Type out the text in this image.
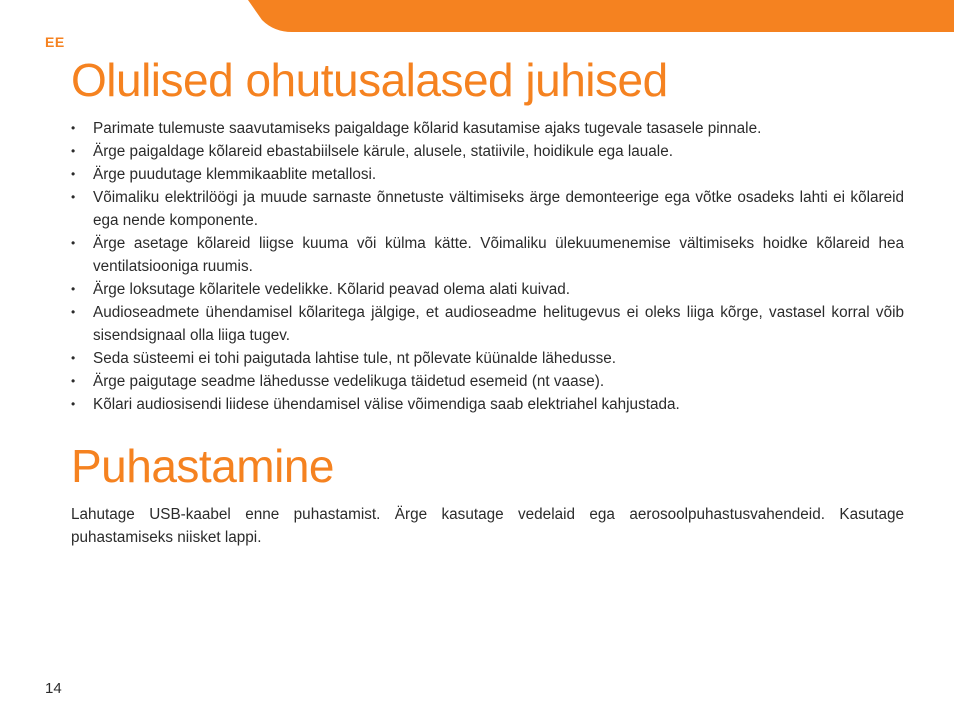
EE
Olulised ohutusalased juhised
•	Parimate tulemuste saavutamiseks paigaldage kõlarid kasutamise ajaks tugevale tasasele pinnale.
•	Ärge paigaldage kõlareid ebastabiilsele kärule, alusele, statiivile, hoidikule ega lauale.
•	Ärge puudutage klemmikaablite metallosi.
•	Võimaliku elektrilöögi ja muude sarnaste õnnetuste vältimiseks ärge demonteerige ega võtke osadeks lahti ei kõlareid ega nende komponente.
•	Ärge asetage kõlareid liigse kuuma või külma kätte. Võimaliku ülekuumenemise vältimiseks hoidke kõlareid hea ventilatsiooniga ruumis.
•	Ärge loksutage kõlaritele vedelikke. Kõlarid peavad olema alati kuivad.
•	Audioseadmete ühendamisel kõlaritega jälgige, et audioseadme helitugevus ei oleks liiga kõrge, vastasel korral võib sisendsignaal olla liiga tugev.
•	Seda süsteemi ei tohi paigutada lahtise tule, nt põlevate küünalde lähedusse.
•	Ärge paigutage seadme lähedusse vedelikuga täidetud esemeid (nt vaase).
•	Kõlari audiosisendi liidese ühendamisel välise võimendiga saab elektriahel kahjustada.
Puhastamine

Lahutage USB-kaabel enne puhastamist. Ärge kasutage vedelaid ega aerosoolpuhastusvahendeid. Kasutage puhastamiseks niisket lappi.

14
